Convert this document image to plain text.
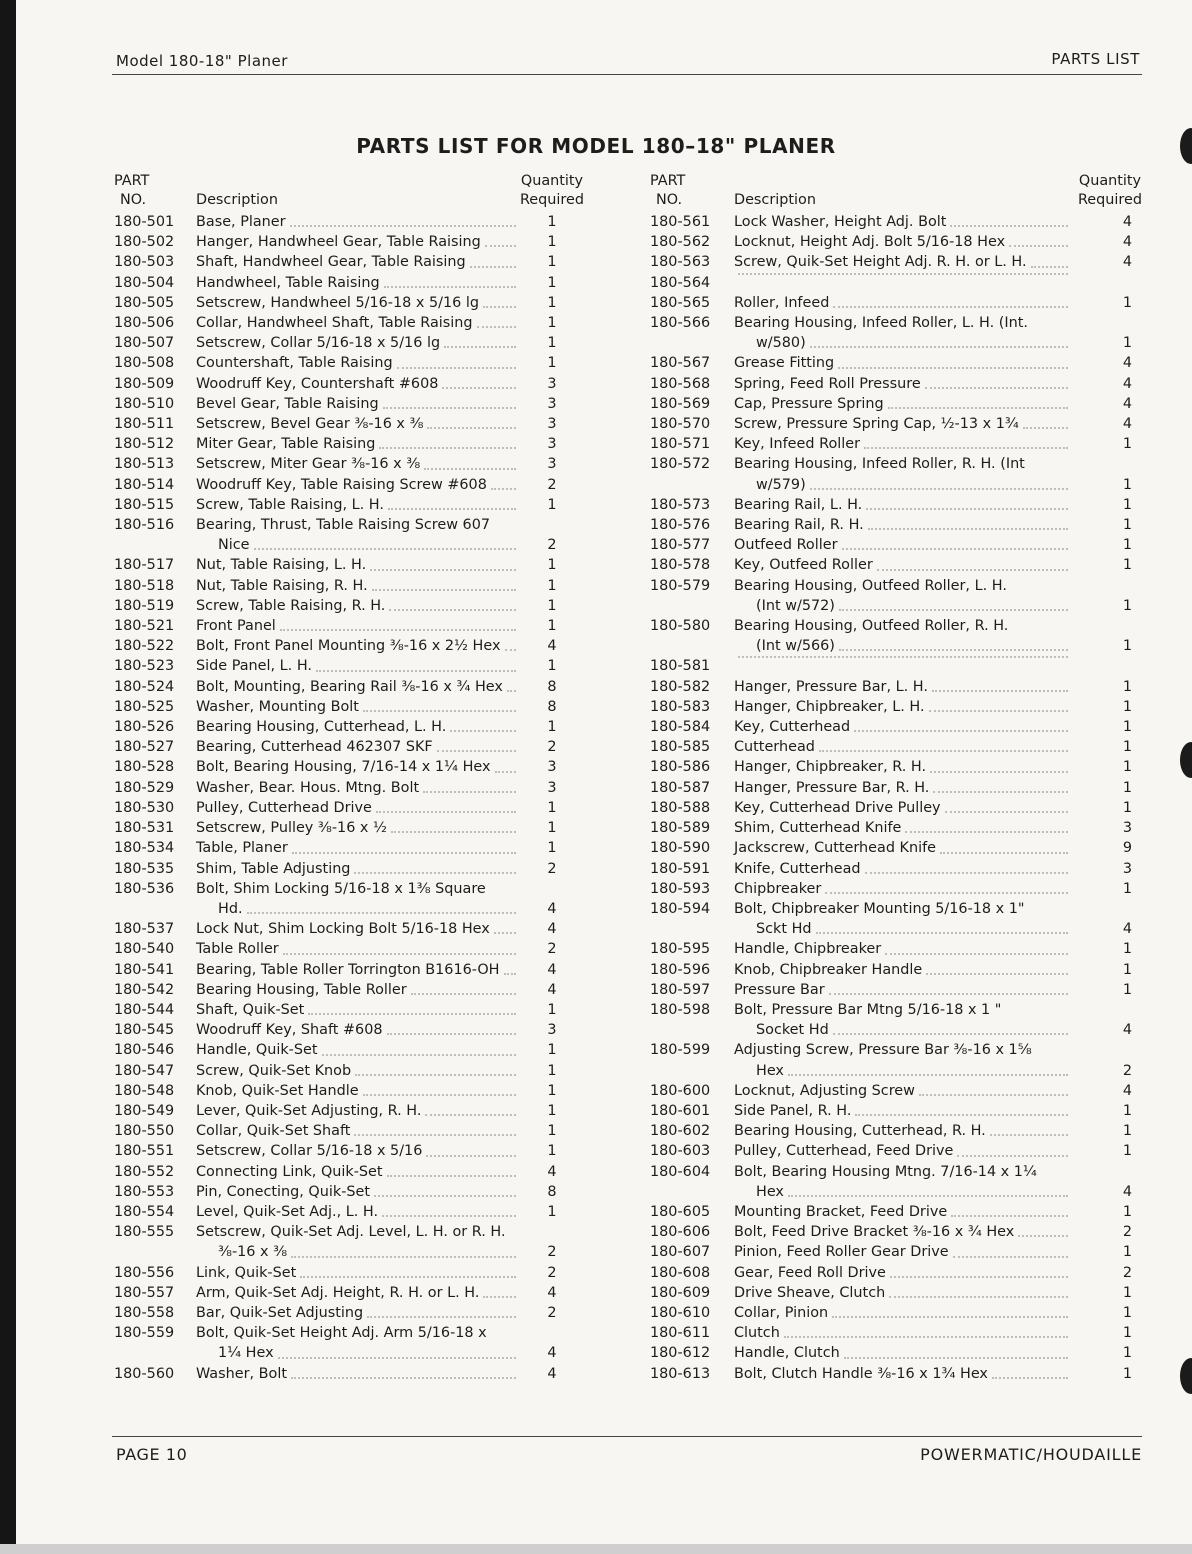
Model 180-18" Planer	PARTS LIST
PARTS LIST FOR MODEL 180–18" PLANER
PART
NO.	Description
Quantity
Required
180-501	Base, Planer	1
180-502	Hanger, Handwheel Gear, Table Raising	1
180-503	Shaft, Handwheel Gear, Table Raising	1
180-504	Handwheel, Table Raising	1
180-505	Setscrew, Handwheel 5/16-18 x 5/16 lg	1
180-506	Collar, Handwheel Shaft, Table Raising	1
180-507	Setscrew, Collar 5/16-18 x 5/16 lg	1
180-508	Countershaft, Table Raising	1
180-509	Woodruff Key, Countershaft #608	3
180-510	Bevel Gear, Table Raising	3
180-511	Setscrew, Bevel Gear ⅜-16 x ⅜	3
180-512	Miter Gear, Table Raising	3
180-513	Setscrew, Miter Gear ⅜-16 x ⅜	3
180-514	Woodruff Key, Table Raising Screw #608	2
180-515	Screw, Table Raising, L. H.	1
180-516	Bearing, Thrust, Table Raising Screw 607
Nice	2
180-517	Nut, Table Raising, L. H.	1
180-518	Nut, Table Raising, R. H.	1
180-519	Screw, Table Raising, R. H.	1
180-521	Front Panel	1
180-522	Bolt, Front Panel Mounting ⅜-16 x 2½ Hex	4
180-523	Side Panel, L. H.	1
180-524	Bolt, Mounting, Bearing Rail ⅜-16 x ¾ Hex	8
180-525	Washer, Mounting Bolt	8
180-526	Bearing Housing, Cutterhead, L. H.	1
180-527	Bearing, Cutterhead 462307 SKF	2
180-528	Bolt, Bearing Housing, 7/16-14 x 1¼ Hex	3
180-529	Washer, Bear. Hous. Mtng. Bolt	3
180-530	Pulley, Cutterhead Drive	1
180-531	Setscrew, Pulley ⅜-16 x ½	1
180-534	Table, Planer	1
180-535	Shim, Table Adjusting	2
180-536	Bolt, Shim Locking 5/16-18 x 1⅜ Square
Hd.	4
180-537	Lock Nut, Shim Locking Bolt 5/16-18 Hex	4
180-540	Table Roller	2
180-541	Bearing, Table Roller Torrington B1616-OH	4
180-542	Bearing Housing, Table Roller	4
180-544	Shaft, Quik-Set	1
180-545	Woodruff Key, Shaft #608	3
180-546	Handle, Quik-Set	1
180-547	Screw, Quik-Set Knob	1
180-548	Knob, Quik-Set Handle	1
180-549	Lever, Quik-Set Adjusting, R. H.	1
180-550	Collar, Quik-Set Shaft	1
180-551	Setscrew, Collar 5/16-18 x 5/16	1
180-552	Connecting Link, Quik-Set	4
180-553	Pin, Conecting, Quik-Set	8
180-554	Level, Quik-Set Adj., L. H.	1
180-555	Setscrew, Quik-Set Adj. Level, L. H. or R. H.
⅜-16 x ⅜	2
180-556	Link, Quik-Set	2
180-557	Arm, Quik-Set Adj. Height, R. H. or L. H.	4
180-558	Bar, Quik-Set Adjusting	2
180-559	Bolt, Quik-Set Height Adj. Arm 5/16-18 x
1¼ Hex	4
180-560	Washer, Bolt	4
PART
NO.	Description
Quantity
Required
180-561	Lock Washer, Height Adj. Bolt	4
180-562	Locknut, Height Adj. Bolt 5/16-18 Hex	4
180-563	Screw, Quik-Set Height Adj. R. H. or L. H.	4
180-564
180-565	Roller, Infeed	1
180-566	Bearing Housing, Infeed Roller, L. H. (Int.
w/580)	1
180-567	Grease Fitting	4
180-568	Spring, Feed Roll Pressure	4
180-569	Cap, Pressure Spring	4
180-570	Screw, Pressure Spring Cap, ½-13 x 1¾	4
180-571	Key, Infeed Roller	1
180-572	Bearing Housing, Infeed Roller, R. H. (Int
w/579)	1
180-573	Bearing Rail, L. H.	1
180-576	Bearing Rail, R. H.	1
180-577	Outfeed Roller	1
180-578	Key, Outfeed Roller	1
180-579	Bearing Housing, Outfeed Roller, L. H.
(Int w/572)	1
180-580	Bearing Housing, Outfeed Roller, R. H.
(Int w/566)	1
180-581
180-582	Hanger, Pressure Bar, L. H.	1
180-583	Hanger, Chipbreaker, L. H.	1
180-584	Key, Cutterhead	1
180-585	Cutterhead	1
180-586	Hanger, Chipbreaker, R. H.	1
180-587	Hanger, Pressure Bar, R. H.	1
180-588	Key, Cutterhead Drive Pulley	1
180-589	Shim, Cutterhead Knife	3
180-590	Jackscrew, Cutterhead Knife	9
180-591	Knife, Cutterhead	3
180-593	Chipbreaker	1
180-594	Bolt, Chipbreaker Mounting 5/16-18 x 1"
Sckt Hd	4
180-595	Handle, Chipbreaker	1
180-596	Knob, Chipbreaker Handle	1
180-597	Pressure Bar	1
180-598	Bolt, Pressure Bar Mtng 5/16-18 x 1 "
Socket Hd	4
180-599	Adjusting Screw, Pressure Bar ⅜-16 x 1⅝
Hex	2
180-600	Locknut, Adjusting Screw	4
180-601	Side Panel, R. H.	1
180-602	Bearing Housing, Cutterhead, R. H.	1
180-603	Pulley, Cutterhead, Feed Drive	1
180-604	Bolt, Bearing Housing Mtng. 7/16-14 x 1¼
Hex	4
180-605	Mounting Bracket, Feed Drive	1
180-606	Bolt, Feed Drive Bracket ⅜-16 x ¾ Hex	2
180-607	Pinion, Feed Roller Gear Drive	1
180-608	Gear, Feed Roll Drive	2
180-609	Drive Sheave, Clutch	1
180-610	Collar, Pinion	1
180-611	Clutch	1
180-612	Handle, Clutch	1
180-613	Bolt, Clutch Handle ⅜-16 x 1¾ Hex	1
PAGE 10	POWERMATIC/HOUDAILLE
